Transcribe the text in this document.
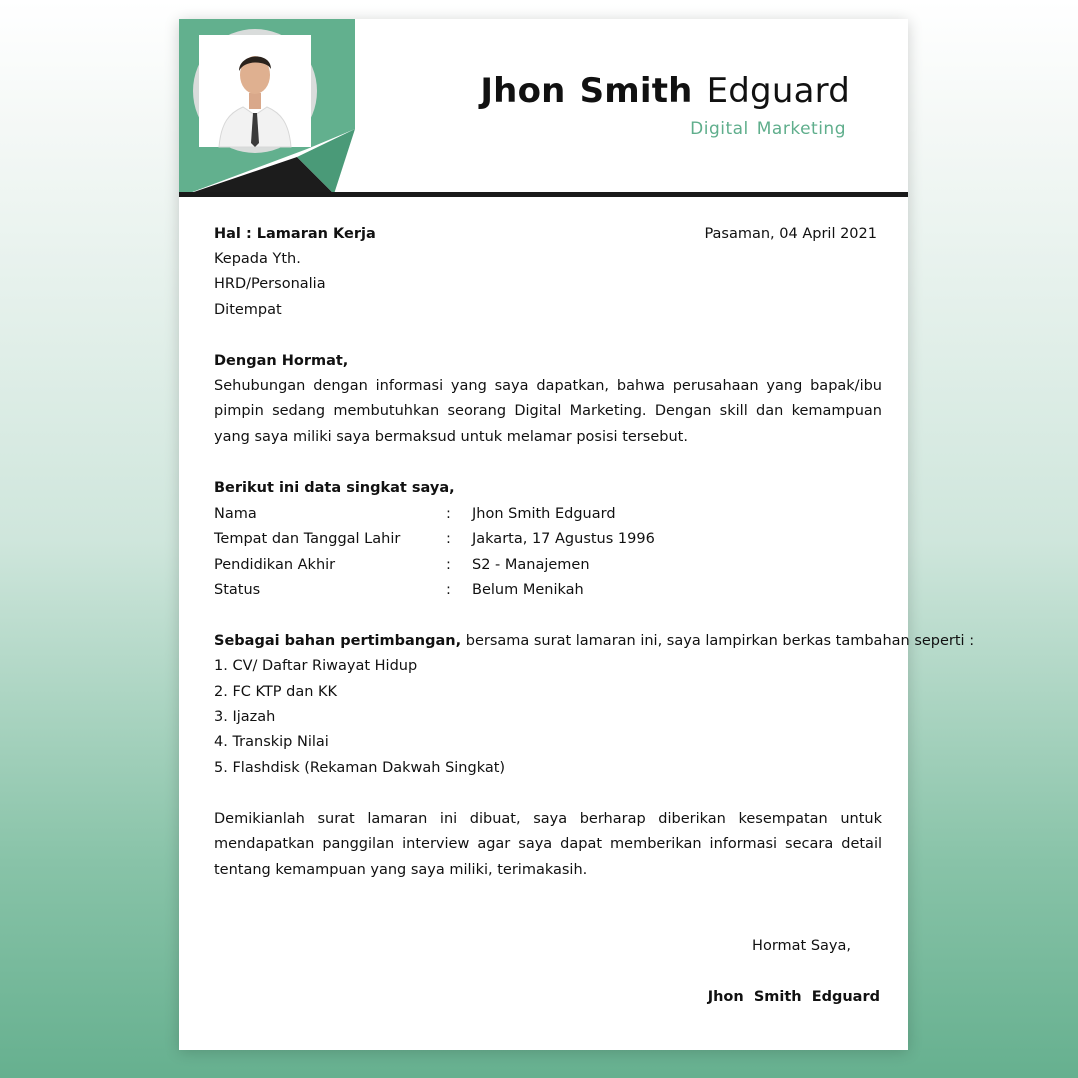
Jhon Smith Edguard
Digital Marketing
Hal : Lamaran Kerja	Pasaman, 04 April 2021
Kepada Yth.
HRD/Personalia
Ditempat
Dengan Hormat,
Sehubungan dengan informasi yang saya dapatkan, bahwa perusahaan yang bapak/ibu pimpin sedang membutuhkan seorang Digital Marketing. Dengan skill dan kemampuan yang saya miliki saya bermaksud untuk melamar posisi tersebut.
Berikut ini data singkat saya,
Nama	: Jhon Smith Edguard
Tempat dan Tanggal Lahir	: Jakarta, 17 Agustus 1996
Pendidikan Akhir	: S2 - Manajemen
Status	: Belum Menikah
Sebagai bahan pertimbangan, bersama surat lamaran ini, saya lampirkan berkas tambahan seperti :
1. CV/ Daftar Riwayat Hidup
2. FC KTP dan KK
3. Ijazah
4. Transkip Nilai
5. Flashdisk (Rekaman Dakwah Singkat)
Demikianlah surat lamaran ini dibuat, saya berharap diberikan kesempatan untuk mendapatkan panggilan interview agar saya dapat memberikan informasi secara detail tentang kemampuan yang saya miliki, terimakasih.
Hormat Saya,
Jhon  Smith  Edguard
